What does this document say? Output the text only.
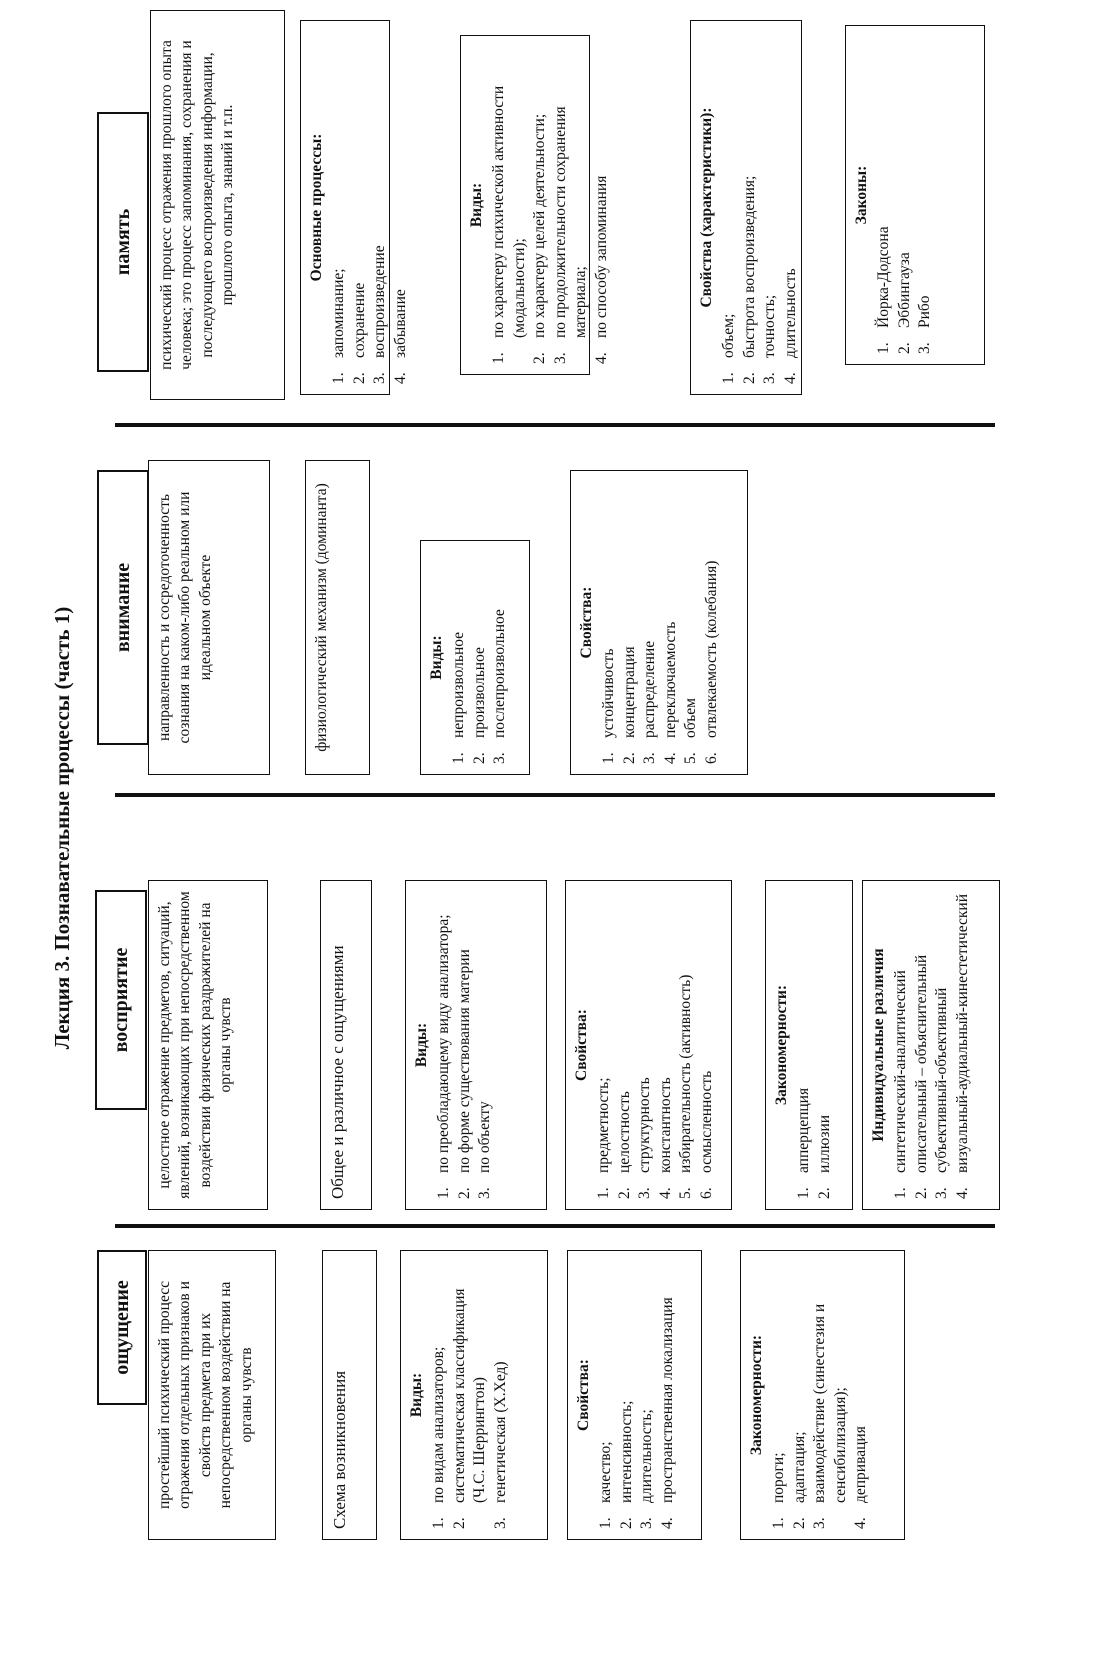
Лекция 3. Познавательные процессы (часть 1)
ощущение	простейший психический процесс отражения отдельных признаков и свойств предмета при их непосредственном воздействии на органы чувств	Схема возникновения	Виды:
1.
по видам анализаторов;
2.
систематическая классификация (Ч.С. Шеррингтон)
3.
генетическая (Х.Хед)	Свойства:
1.
качество;
2.
интенсивность;
3.
длительность;
4.
пространственная локализация	Закономерности:
1.
пороги;
2.
адаптация;
3.
взаимодействие (синестезия и сенсибилизация);
4.
депривация
восприятие	целостное отражение предметов, ситуаций, явлений, возникающих при непосредственном воздействии физических раздражителей на органы чувств	Общее и различное с ощущениями	Виды:
1.
по преобладающему виду анализатора;
2.
по форме существования материи
3.
по объекту
Свойства:
1.
предметность;
2.
целостность
3.
структурность
4.
константность
5.
избирательность (активность)
6.
осмысленность
Закономерности:
1.
апперцепция
2.
иллюзии
Индивидуальные различия
1.
синтетический-аналитический
2.
описательный – объяснительный
3.
субъективный-объективный
4.
визуальный-аудиальный-кинестетический
внимание	направленность и сосредоточенность сознания на каком-либо реальном или идеальном объекте	физиологический механизм (доминанта)	Виды:
1.
непроизвольное
2.
произвольное
3.
послепроизвольное	Свойства:
1.
устойчивость
2.
концентрация
3.
распределение
4.
переключаемость
5.
объем
6.
отвлекаемость (колебания)
память	психический процесс отражения прошлого опыта человека; это процесс запоминания, сохранения и последующего воспроизведения информации, прошлого опыта, знаний и т.п.	Основные процессы:
1.
запоминание;
2.
сохранение
3.
воспроизведение
4.
забывание
Виды:
1.
по характеру психической активности (модальности);
2.
по характеру целей деятельности;
3.
по продолжительности сохранения материала;
4.
по способу запоминания	Свойства (характеристики):
1.
объем;
2.
быстрота воспроизведения;
3.
точность;
4.
длительность
Законы:
1.
Йорка-Додсона
2.
Эббингауза
3.
Рибо
